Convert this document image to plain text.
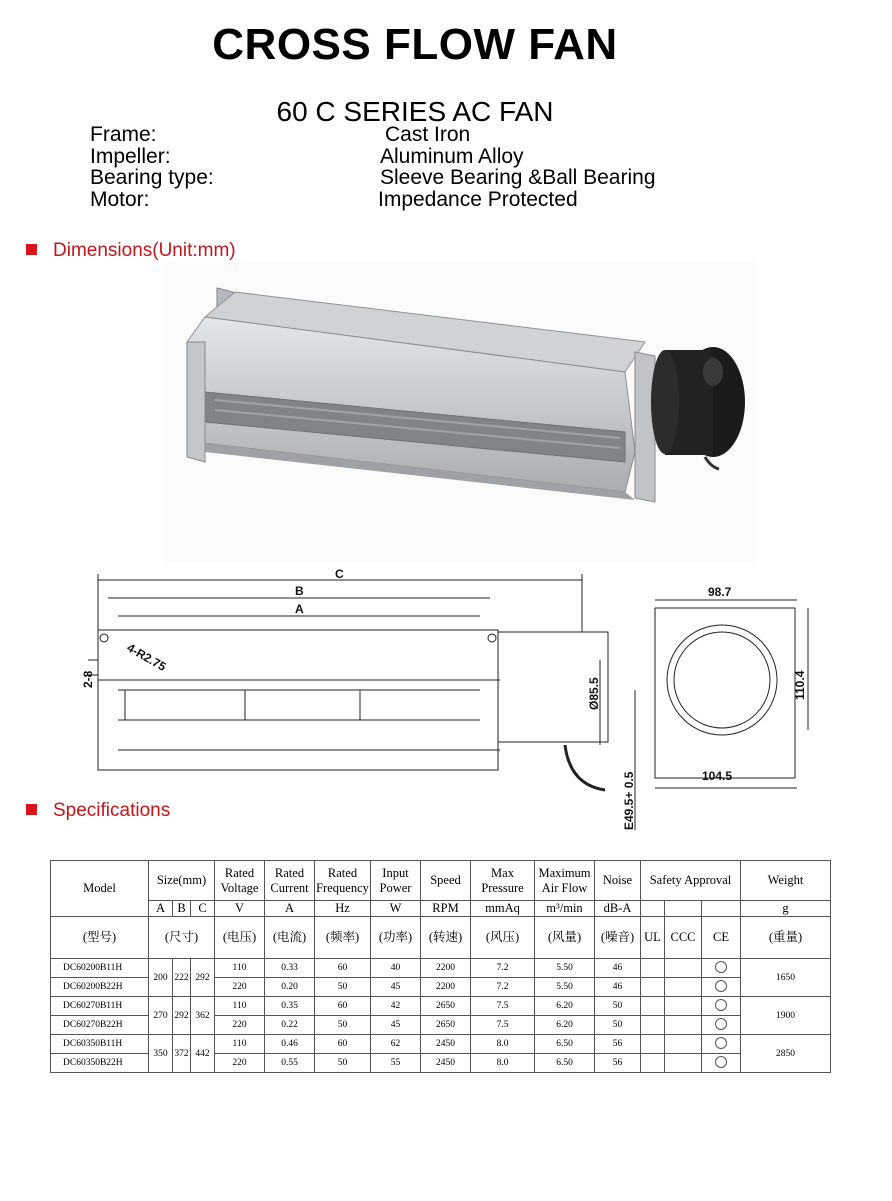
CROSS FLOW FAN
60 C SERIES AC FAN
Frame:	Cast Iron
Impeller:	Aluminum Alloy
Bearing type:	Sleeve Bearing &Ball Bearing
Motor:	Impedance Protected
Dimensions(Unit:mm)
C
B
A
4-R2.75
2-8	Ø85.5
E49.5+ 0.5
98.7
110.4
104.5
Specifications
Model	Size(mm)			Rated Voltage	Rated Current	Rated Frequency	Input Power	Speed	Max Pressure	Maximum Air Flow	Noise	Safety Approval			Weight
	A	B	C	V	A	Hz	W	RPM	mmAq	m³/min	dB-A				g
(型号)	(尺寸)			(电压)	(电流)	(频率)	(功率)	(转速)	(风压)	(风量)	(噪音)	UL	CCC	CE	(重量)
DC60200B11H	200	222	292	110	0.33	60	40	2200	7.2	5.50	46				1650
DC60200B22H				220	0.20	50	45	2200	7.2	5.50	46				
DC60270B11H	270	292	362	110	0.35	60	42	2650	7.5	6.20	50				1900
DC60270B22H				220	0.22	50	45	2650	7.5	6.20	50				
DC60350B11H	350	372	442	110	0.46	60	62	2450	8.0	6.50	56				2850
DC60350B22H				220	0.55	50	55	2450	8.0	6.50	56				
